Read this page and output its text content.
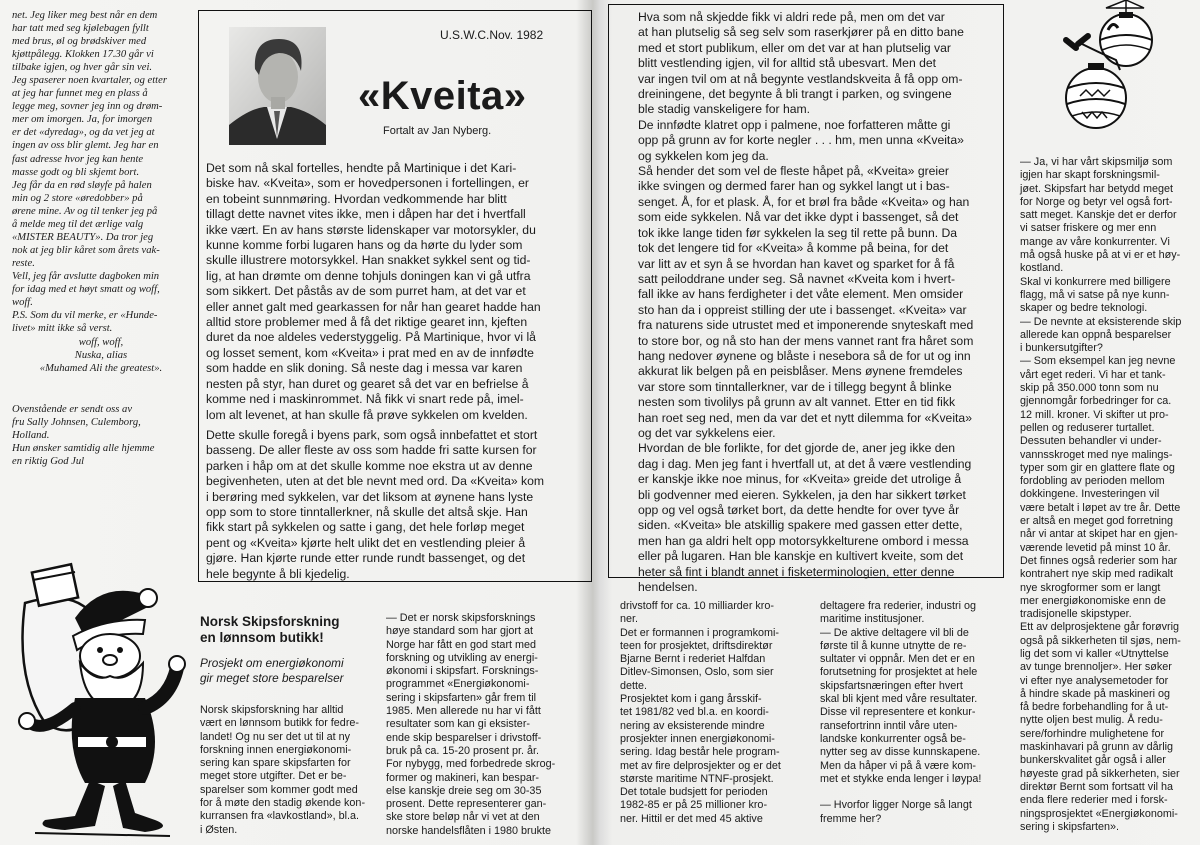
net. Jeg liker meg best når en dem
har tatt med seg kjølebagen fyllt
med brus, øl og brødskiver med
kjøttpålegg. Klokken 17.30 går vi
tilbake igjen, og hver går sin vei.
Jeg spaserer noen kvartaler, og etter
at jeg har funnet meg en plass å
legge meg, sovner jeg inn og drøm-
mer om imorgen. Ja, for imorgen
er det «dyredag», og da vet jeg at
ingen av oss blir glemt. Jeg har en
fast adresse hvor jeg kan hente
masse godt og bli skjemt bort.
Jeg får da en rød sløyfe på halen
min og 2 store «øredobber» på
ørene mine. Av og til tenker jeg på
å melde meg til det ærlige valg
«MISTER BEAUTY». Da tror jeg
nok at jeg blir kåret som årets vak-
reste.
Vell, jeg får avslutte dagboken min
for idag med et høyt smatt og woff,
woff.

P.S. Som du vil merke, er «Hunde-
livet» mitt ikke så verst.

woff, woff,
Nuska, alias
«Muhamed Ali the greatest».

Ovenstående er sendt oss av
fru Sally Johnsen, Culemborg,
Holland.
Hun ønsker samtidig alle hjemme
en riktig God Jul

U.S.W.C.Nov. 1982
«Kveita»
Fortalt av Jan Nyberg.

Det som nå skal fortelles, hendte på Martinique i det Kari-
biske hav. «Kveita», som er hovedpersonen i fortellingen, er
en tobeint sunnmøring. Hvordan vedkommende har blitt
tillagt dette navnet vites ikke, men i dåpen har det i hvertfall
ikke vært. En av hans største lidenskaper var motorsykler, du
kunne komme forbi lugaren hans og da hørte du lyder som
skulle illustrere motorsykkel. Han snakket sykkel sent og tid-
lig, at han drømte om denne tohjuls doningen kan vi gå utfra
som sikkert. Det påstås av de som purret ham, at det var et
eller annet galt med gearkassen for når han gearet hadde han
alltid store problemer med å få det riktige gearet inn, kjeften
duret da noe aldeles vederstyggelig. På Martinique, hvor vi lå
og losset sement, kom «Kveita» i prat med en av de innfødte
som hadde en slik doning. Så neste dag i messa var karen
nesten på styr, han duret og gearet så det var en befrielse å
komme ned i maskinrommet. Nå fikk vi snart rede på, imel-
lom alt levenet, at han skulle få prøve sykkelen om kvelden.

Dette skulle foregå i byens park, som også innbefattet et stort
basseng. De aller fleste av oss som hadde fri satte kursen for
parken i håp om at det skulle komme noe ekstra ut av denne
begivenheten, uten at det ble nevnt med ord. Da «Kveita» kom
i berøring med sykkelen, var det liksom at øynene hans lyste
opp som to store tinntallerkner, nå skulle det altså skje. Han
fikk start på sykkelen og satte i gang, det hele forløp meget
pent og «Kveita» kjørte helt ulikt det en vestlending pleier å
gjøre. Han kjørte runde etter runde rundt bassenget, og det
hele begynte å bli kjedelig.

Hva som nå skjedde fikk vi aldri rede på, men om det var
at han plutselig så seg selv som raserkjører på en ditto bane
med et stort publikum, eller om det var at han plutselig var
blitt vestlending igjen, vil for alltid stå ubesvart. Men det
var ingen tvil om at nå begynte vestlandskveita å få opp om-
dreiningene, det begynte å bli trangt i parken, og svingene
ble stadig vanskeligere for ham.
De innfødte klatret opp i palmene, noe forfatteren måtte gi
opp på grunn av for korte negler . . . hm, men unna «Kveita»
og sykkelen kom jeg da.
Så hender det som vel de fleste håpet på, «Kveita» greier
ikke svingen og dermed farer han og sykkel langt ut i bas-
senget. Å, for et plask. Å, for et brøl fra både «Kveita» og han
som eide sykkelen. Nå var det ikke dypt i bassenget, så det
tok ikke lange tiden før sykkelen la seg til rette på bunn. Da
tok det lengere tid for «Kveita» å komme på beina, for det
var litt av et syn å se hvordan han kavet og sparket for å få
satt peiloddrane under seg. Så navnet «Kveita kom i hvert-
fall ikke av hans ferdigheter i det våte element. Men omsider
sto han da i oppreist stilling der ute i bassenget. «Kveita» var
fra naturens side utrustet med et imponerende snyteskaft med
to store bor, og nå sto han der mens vannet rant fra håret som
hang nedover øynene og blåste i nesebora så de for ut og inn
akkurat lik belgen på en peisblåser. Mens øynene fremdeles
var store som tinntallerkner, var de i tillegg begynt å blinke
nesten som tivolilys på grunn av alt vannet. Etter en tid fikk
han roet seg ned, men da var det et nytt dilemma for «Kveita»
og det var sykkelens eier.
Hvordan de ble forlikte, for det gjorde de, aner jeg ikke den
dag i dag. Men jeg fant i hvertfall ut, at det å være vestlending
er kanskje ikke noe minus, for «Kveita» greide det utrolige å
bli godvenner med eieren. Sykkelen, ja den har sikkert tørket
opp og vel også tørket bort, da dette hendte for over tyve år
siden. «Kveita» ble atskillig spakere med gassen etter dette,
men han ga aldri helt opp motorsykkelturene ombord i messa
eller på lugaren. Han ble kanskje en kultivert kveite, som det
heter så fint i blandt annet i fisketerminologien, etter denne
hendelsen.

Norsk Skipsforskning
en lønnsom butikk!
Prosjekt om energiøkonomi
gir meget store besparelser

Norsk skipsforskning har alltid
vært en lønnsom butikk for fedre-
landet! Og nu ser det ut til at ny
forskning innen energiøkonomi-
sering kan spare skipsfarten for
meget store utgifter. Det er be-
sparelser som kommer godt med
for å møte den stadig økende kon-
kurransen fra «lavkostland», bl.a.
i Østen.

— Det er norsk skipsforsknings
høye standard som har gjort at
Norge har fått en god start med
forskning og utvikling av energi-
økonomi i skipsfart. Forsknings-
programmet «Energiøkonomi-
sering i skipsfarten» går frem til
1985. Men allerede nu har vi fått
resultater som kan gi eksister-
ende skip besparelser i drivstoff-
bruk på ca. 15-20 prosent pr. år.
For nybygg, med forbedrede skrog-
former og makineri, kan bespar-
else kanskje dreie seg om 30-35
prosent. Dette representerer gan-
ske store beløp når vi vet at den
norske handelsflåten i 1980 brukte

drivstoff for ca. 10 milliarder kro-
ner.
Det er formannen i programkomi-
teen for prosjektet, driftsdirektør
Bjarne Bernt i rederiet Halfdan
Ditlev-Simonsen, Oslo, som sier
dette.
Prosjektet kom i gang årsskif-
tet 1981/82 ved bl.a. en koordi-
nering av eksisterende mindre
prosjekter innen energiøkonomi-
sering. Idag består hele program-
met av fire delprosjekter og er det
største maritime NTNF-prosjekt.
Det totale budsjett for perioden
1982-85 er på 25 millioner kro-
ner. Hittil er det med 45 aktive

deltagere fra rederier, industri og
maritime institusjoner.
— De aktive deltagere vil bli de
første til å kunne utnytte de re-
sultater vi oppnår. Men det er en
forutsetning for prosjektet at hele
skipsfartsnæringen efter hvert
skal bli kjent med våre resultater.
Disse vil representere et konkur-
ransefortrinn inntil våre uten-
landske konkurrenter også be-
nytter seg av disse kunnskapene.
Men da håper vi på å være kom-
met et stykke enda lenger i løypa!

— Hvorfor ligger Norge så langt
fremme her?

— Ja, vi har vårt skipsmiljø som
igjen har skapt forskningsmil-
jøet. Skipsfart har betydd meget
for Norge og betyr vel også fort-
satt meget. Kanskje det er derfor
vi satser friskere og mer enn
mange av våre konkurrenter. Vi
må også huske på at vi er et høy-
kostland.
Skal vi konkurrere med billigere
flagg, må vi satse på nye kunn-
skaper og bedre teknologi.
— De nevnte at eksisterende skip
allerede kan oppnå besparelser
i bunkersutgifter?
— Som eksempel kan jeg nevne
vårt eget rederi. Vi har et tank-
skip på 350.000 tonn som nu
gjennomgår forbedringer for ca.
12 mill. kroner. Vi skifter ut pro-
pellen og reduserer turtallet.
Dessuten behandler vi under-
vannsskroget med nye malings-
typer som gir en glattere flate og
fordobling av perioden mellom
dokkingene. Investeringen vil
være betalt i løpet av tre år. Dette
er altså en meget god forretning
når vi antar at skipet har en gjen-
værende levetid på minst 10 år.
Det finnes også rederier som har
kontrahert nye skip med radikalt
nye skrogformer som er langt
mer energiøkonomiske enn de
tradisjonelle skipstyper.
Ett av delprosjektene går forøvrig
også på sikkerheten til sjøs, nem-
lig det som vi kaller «Utnyttelse
av tunge brennoljer». Her søker
vi efter nye analysemetoder for
å hindre skade på maskineri og
få bedre forbehandling for å ut-
nytte oljen best mulig. Å redu-
sere/forhindre mulighetene for
maskinhavari på grunn av dårlig
bunkerskvalitet går også i aller
høyeste grad på sikkerheten, sier
direktør Bernt som fortsatt vil ha
enda flere rederier med i forsk-
ningsprosjektet «Energiøkonomi-
sering i skipsfarten».
